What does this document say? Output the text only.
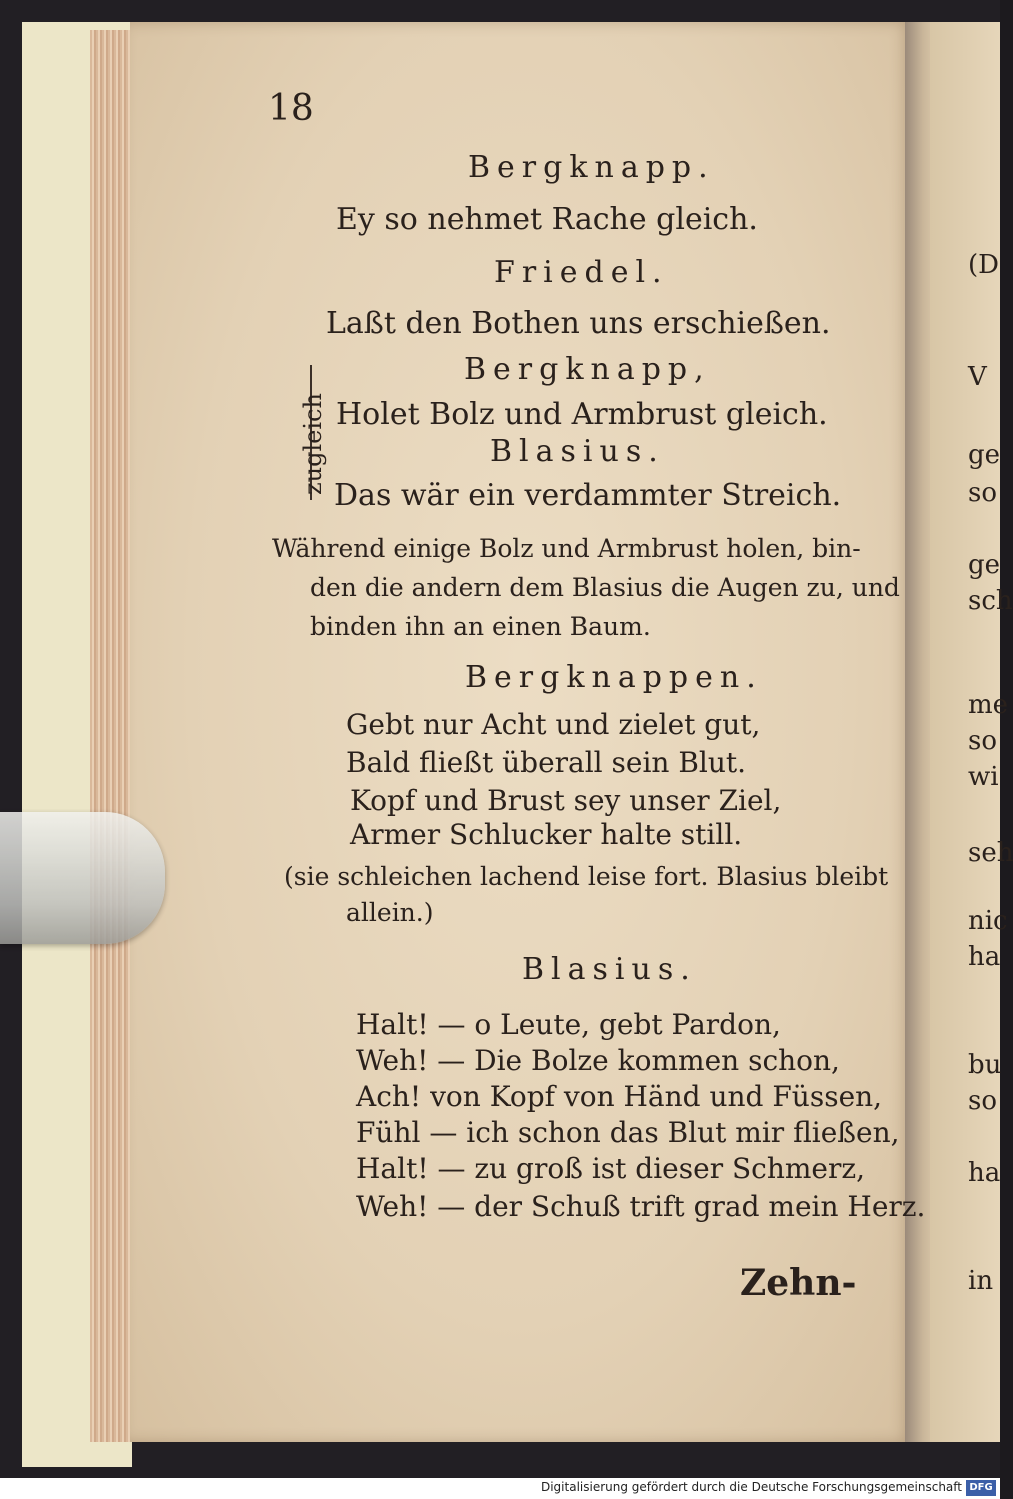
18
Bergknapp.
Ey so nehmet Rache gleich.
Friedel.
Laßt den Bothen uns erschießen.
zugleich
Bergknapp,
Holet Bolz und Armbrust gleich.
Blasius.
Das wär ein verdammter Streich.
Während einige Bolz und Armbrust holen, bin-
den die andern dem Blasius die Augen zu, und
binden ihn an einen Baum.
Bergknappen.
Gebt nur Acht und zielet gut,
Bald fließt überall sein Blut.
Kopf und Brust sey unser Ziel,
Armer Schlucker halte still.
(sie schleichen lachend leise fort. Blasius bleibt
allein.)
Blasius.
Halt! — o Leute, gebt Pardon,
Weh! — Die Bolze kommen schon,
Ach! von Kopf von Händ und Füssen,
Fühl — ich schon das Blut mir fließen,
Halt! — zu groß ist dieser Schmerz,
Weh! — der Schuß trift grad mein Herz.
Zehn-
(D
V
ge
so
ge
sch
me
so
wi
seh
nic
ha
bu
so
ha
in
Digitalisierung gefördert durch die Deutsche Forschungsgemeinschaft DFG
